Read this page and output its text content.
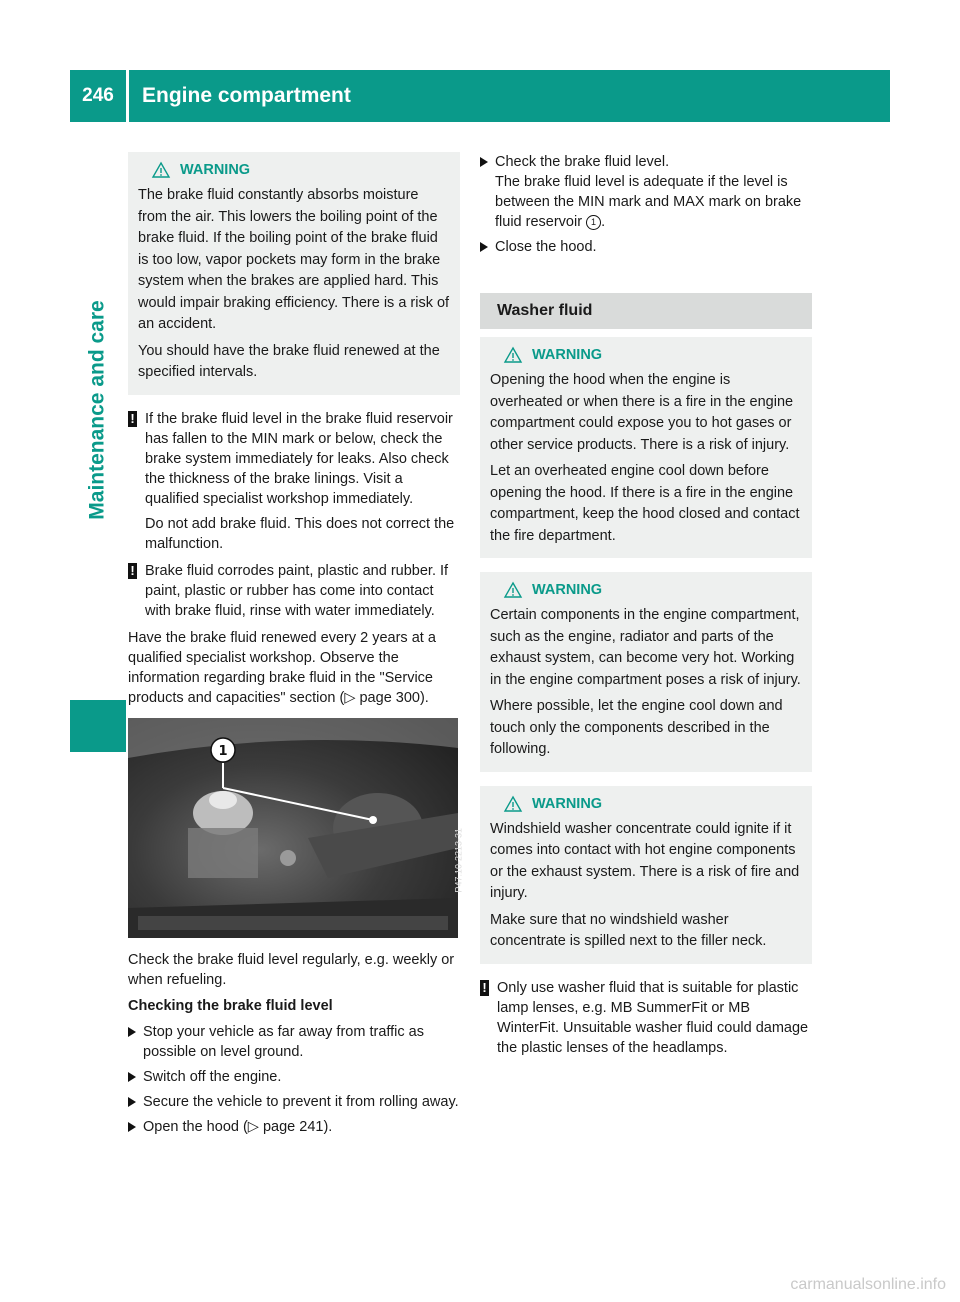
246	Engine compartment
Maintenance and care
WARNING

The brake fluid constantly absorbs moisture from the air. This lowers the boiling point of the brake fluid. If the boiling point of the brake fluid is too low, vapor pockets may form in the brake system when the brakes are applied hard. This would impair braking efficiency. There is a risk of an accident.

You should have the brake fluid renewed at the specified intervals.

! If the brake fluid level in the brake fluid reservoir has fallen to the MIN mark or below, check the brake system immediately for leaks. Also check the thickness of the brake linings. Visit a qualified specialist workshop immediately.

Do not add brake fluid. This does not correct the malfunction.

! Brake fluid corrodes paint, plastic and rubber. If paint, plastic or rubber has come into contact with brake fluid, rinse with water immediately.

Have the brake fluid renewed every 2 years at a qualified specialist workshop. Observe the information regarding brake fluid in the "Service products and capacities" section (▷ page 300).

1
P47.10-2213-31

Check the brake fluid level regularly, e.g. weekly or when refueling.

Checking the brake fluid level

Stop your vehicle as far away from traffic as possible on level ground.

Switch off the engine.

Secure the vehicle to prevent it from rolling away.

Open the hood (▷ page 241).

Check the brake fluid level.

The brake fluid level is adequate if the level is between the MIN mark and MAX mark on brake fluid reservoir 1 .

Close the hood.

Washer fluid
WARNING

Opening the hood when the engine is overheated or when there is a fire in the engine compartment could expose you to hot gases or other service products. There is a risk of injury.

Let an overheated engine cool down before opening the hood. If there is a fire in the engine compartment, keep the hood closed and contact the fire department.

WARNING

Certain components in the engine compartment, such as the engine, radiator and parts of the exhaust system, can become very hot. Working in the engine compartment poses a risk of injury.

Where possible, let the engine cool down and touch only the components described in the following.

WARNING

Windshield washer concentrate could ignite if it comes into contact with hot engine components or the exhaust system. There is a risk of fire and injury.

Make sure that no windshield washer concentrate is spilled next to the filler neck.

! Only use washer fluid that is suitable for plastic lamp lenses, e.g. MB SummerFit or MB WinterFit. Unsuitable washer fluid could damage the plastic lenses of the headlamps.

carmanualsonline.info
